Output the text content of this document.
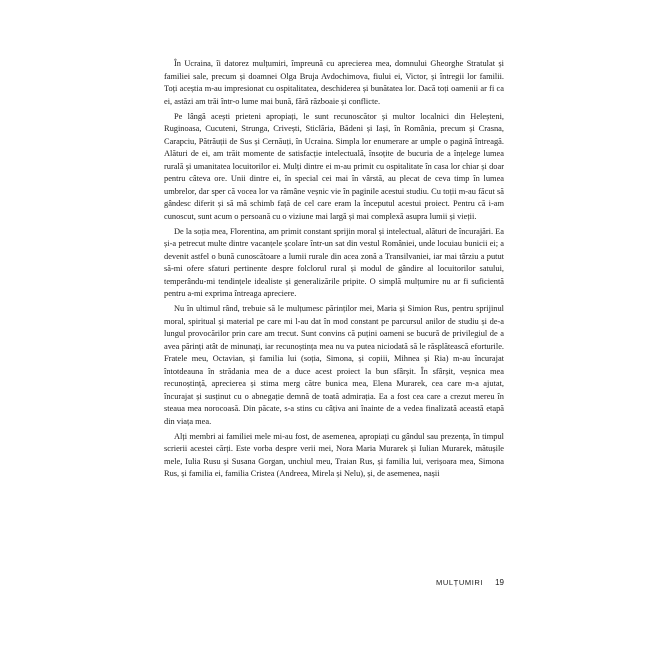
În Ucraina, îi datorez mulțumiri, împreună cu aprecierea mea, domnului Gheorghe Stratulat și familiei sale, precum și doamnei Olga Bruja Avdochimova, fiului ei, Victor, și întregii lor familii. Toți aceștia m-au impresionat cu ospitalitatea, deschiderea și bunătatea lor. Dacă toți oamenii ar fi ca ei, astăzi am trăi într-o lume mai bună, fără războaie și conflicte.

Pe lângă acești prieteni apropiați, le sunt recunoscător și multor localnici din Heleșteni, Ruginoasa, Cucuteni, Strunga, Crivești, Sticlăria, Bădeni și Iași, în România, precum și Crasna, Carapciu, Pătrăuții de Sus și Cernăuți, în Ucraina. Simpla lor enumerare ar umple o pagină întreagă. Alături de ei, am trăit momente de satisfacție intelectuală, însoțite de bucuria de a înțelege lumea rurală și umanitatea locuitorilor ei. Mulți dintre ei m-au primit cu ospitalitate în casa lor chiar și doar pentru câteva ore. Unii dintre ei, în special cei mai în vârstă, au plecat de ceva timp în lumea umbrelor, dar sper că vocea lor va rămâne veșnic vie în paginile acestui studiu. Cu toții m-au făcut să gândesc diferit și să mă schimb față de cel care eram la începutul acestui proiect. Pentru că i-am cunoscut, sunt acum o persoană cu o viziune mai largă și mai complexă asupra lumii și vieții.

De la soția mea, Florentina, am primit constant sprijin moral și intelectual, alături de încurajări. Ea și-a petrecut multe dintre vacanțele școlare într-un sat din vestul României, unde locuiau bunicii ei; a devenit astfel o bună cunoscătoare a lumii rurale din acea zonă a Transilvaniei, iar mai târziu a putut să-mi ofere sfaturi pertinente despre folclorul rural și modul de gândire al locuitorilor satului, temperându-mi tendințele idealiste și generalizările pripite. O simplă mulțumire nu ar fi suficientă pentru a-mi exprima întreaga apreciere.

Nu în ultimul rând, trebuie să le mulțumesc părinților mei, Maria și Simion Rus, pentru sprijinul moral, spiritual și material pe care mi l-au dat în mod constant pe parcursul anilor de studiu și de-a lungul provocărilor prin care am trecut. Sunt convins că puțini oameni se bucură de privilegiul de a avea părinți atât de minunați, iar recunoștința mea nu va putea niciodată să le răsplătească eforturile. Fratele meu, Octavian, și familia lui (soția, Simona, și copiii, Mihnea și Ria) m-au încurajat întotdeauna în strădania mea de a duce acest proiect la bun sfârșit. În sfârșit, veșnica mea recunoștință, aprecierea și stima merg către bunica mea, Elena Murarek, cea care m-a ajutat, încurajat și susținut cu o abnegație demnă de toată admirația. Ea a fost cea care a crezut mereu în steaua mea norocoasă. Din păcate, s-a stins cu câțiva ani înainte de a vedea finalizată această etapă din viața mea.

Alți membri ai familiei mele mi-au fost, de asemenea, apropiați cu gândul sau prezența, în timpul scrierii acestei cărți. Este vorba despre verii mei, Nora Maria Murarek și Iulian Murarek, mătușile mele, Iulia Rusu și Susana Gorgan, unchiul meu, Traian Rus, și familia lui, verișoara mea, Simona Rus, și familia ei, familia Cristea (Andreea, Mirela și Nelu), și, de asemenea, nașii

MULȚUMIRI 19
